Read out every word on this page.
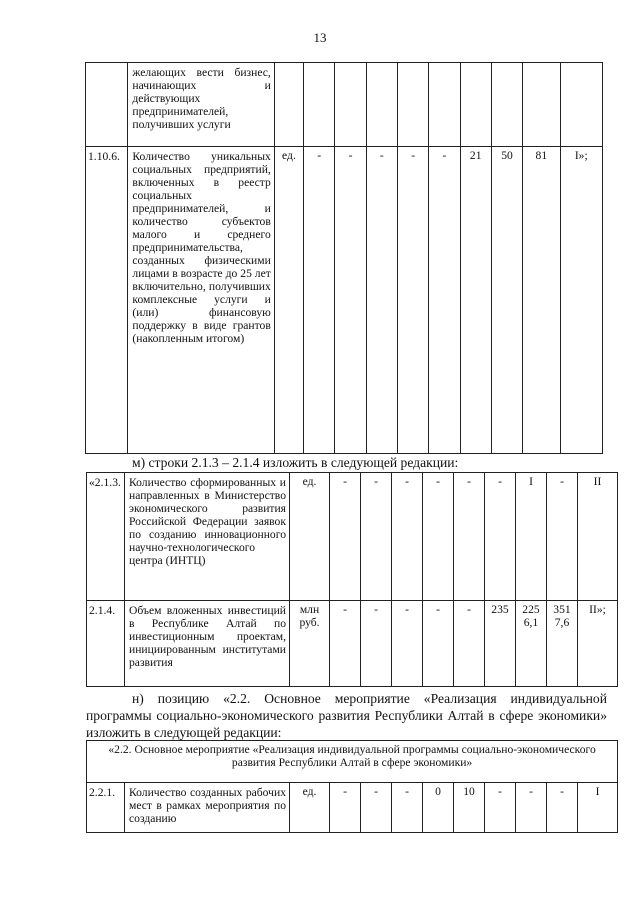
13
	желающих вести бизнес, начинающих и действующих предпринимателей, получивших услуги										
1.10.6.	Количество уникальных социальных предприятий, включенных в реестр социальных предпринимателей, и количество субъектов малого и среднего предпринимательства, созданных физическими лицами в возрасте до 25 лет включительно, получивших комплексные услуги и (или) финансовую поддержку в виде грантов (накопленным итогом)	ед.	-	-	-	-	-	21	50	81	I»;
м) строки 2.1.3 – 2.1.4 изложить в следующей редакции:
«2.1.3.	Количество сформированных и направленных в Министерство экономического развития Российской Федерации заявок по созданию инновационного научно-технологического центра (ИНТЦ)	ед.	-	-	-	-	-	-	I	-	II
2.1.4.	Объем вложенных инвестиций в Республике Алтай по инвестиционным проектам, инициированным институтами развития	млн руб.	-	-	-	-	-	235	2256,1	3517,6	II»;
н) позицию «2.2. Основное мероприятие «Реализация индивидуальной программы социально-экономического развития Республики Алтай в сфере экономики» изложить в следующей редакции:
«2.2. Основное мероприятие «Реализация индивидуальной программы социально-экономического развития Республики Алтай в сфере экономики»
2.2.1.	Количество созданных рабочих мест в рамках мероприятия по созданию	ед.	-	-	-	0	10	-	-	-	I
